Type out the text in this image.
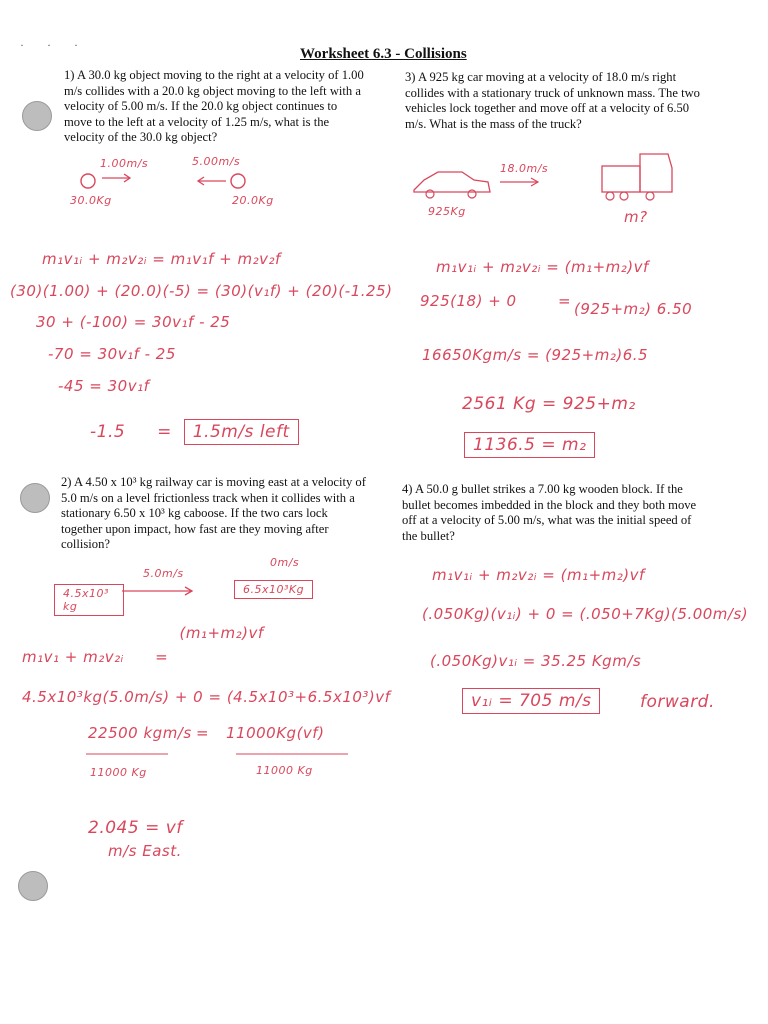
· · ·
Worksheet 6.3 - Collisions
1) A 30.0 kg object moving to the right at a velocity of 1.00 m/s collides with a 20.0 kg object moving to the left with a velocity of 5.00 m/s. If the 20.0 kg object continues to move to the left at a velocity of 1.25 m/s, what is the velocity of the 30.0 kg object?
3) A 925 kg car moving at a velocity of 18.0 m/s right collides with a stationary truck of unknown mass. The two vehicles lock together and move off at a velocity of 6.50 m/s. What is the mass of the truck?
2) A 4.50 x 10³ kg railway car is moving east at a velocity of 5.0 m/s on a level frictionless track when it collides with a stationary 6.50 x 10³ kg caboose. If the two cars lock together upon impact, how fast are they moving after collision?
4) A 50.0 g bullet strikes a 7.00 kg wooden block. If the bullet becomes imbedded in the block and they both move off at a velocity of 5.00 m/s, what was the initial speed of the bullet?
1.00m/s	5.00m/s
30.0Kg	20.0Kg
m₁v₁ᵢ + m₂v₂ᵢ = m₁v₁f + m₂v₂f
(30)(1.00) + (20.0)(-5) = (30)(v₁f) + (20)(-1.25)
30 + (-100) = 30v₁f - 25
-70 = 30v₁f - 25
-45 = 30v₁f
-1.5 = 1.5m/s left
4.5x10³ kg
5.0m/s
0m/s
6.5x10³Kg
m₁v₁ + m₂v₂ᵢ = (m₁+m₂)vf
4.5x10³kg(5.0m/s) + 0 = (4.5x10³+6.5x10³)vf
22500 kgm/s = 11000Kg(vf)
11000 Kg	11000 Kg
2.045 = vf
m/s East.
18.0m/s
925Kg	m?
m₁v₁ᵢ + m₂v₂ᵢ = (m₁+m₂)vf
925(18) + 0	= (925+m₂) 6.50
16650Kgm/s = (925+m₂)6.5
2561 Kg = 925+m₂
1136.5 = m₂
m₁v₁ᵢ + m₂v₂ᵢ = (m₁+m₂)vf
(.050Kg)(v₁ᵢ) + 0 = (.050+7Kg)(5.00m/s)
(.050Kg)v₁ᵢ = 35.25 Kgm/s
v₁ᵢ = 705 m/s	forward.
